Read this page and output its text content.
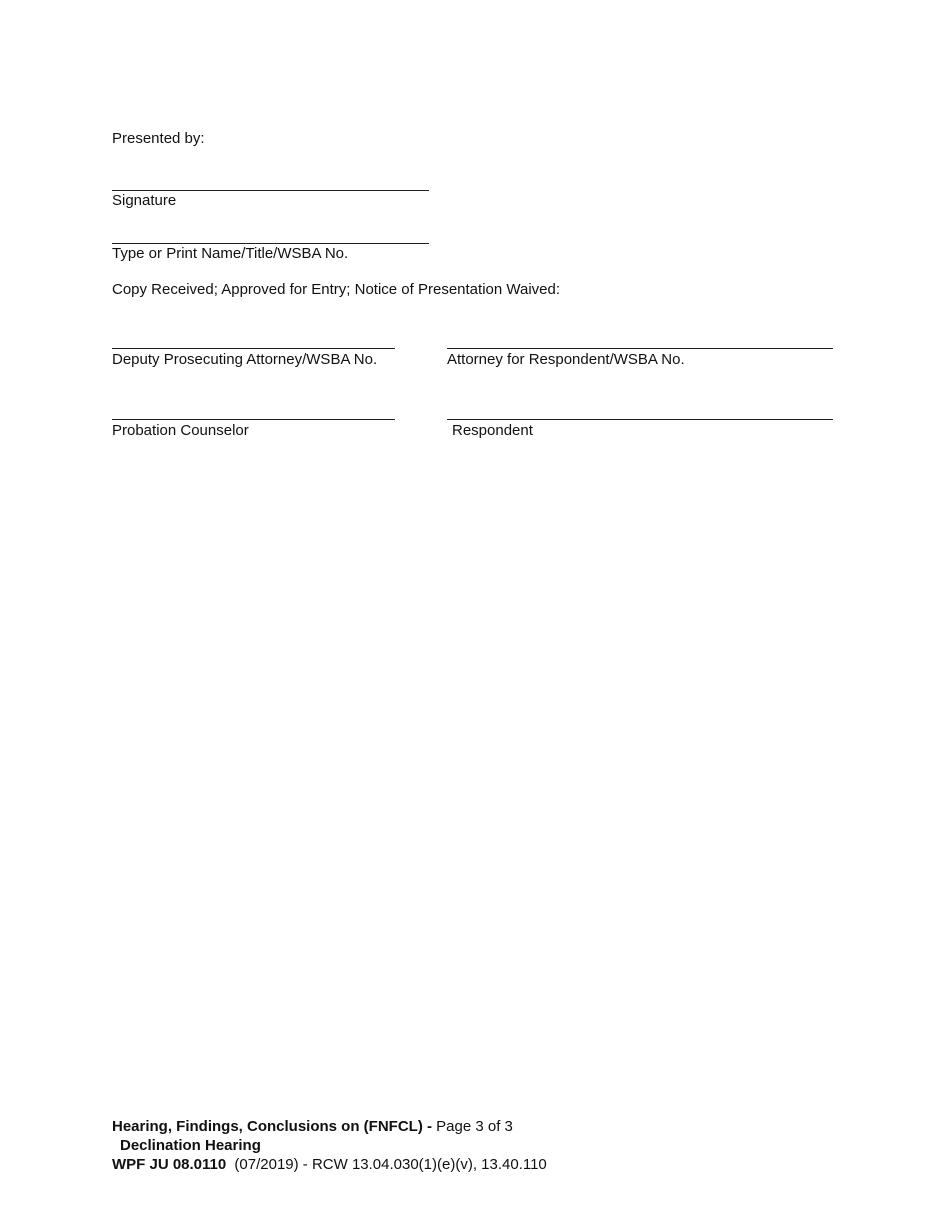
Presented by:
Signature
Type or Print Name/Title/WSBA No.
Copy Received; Approved for Entry; Notice of Presentation Waived:
Deputy Prosecuting Attorney/WSBA No.	Attorney for Respondent/WSBA No.
Probation Counselor	Respondent
Hearing, Findings, Conclusions on (FNFCL) - Page 3 of 3
Declination Hearing
WPF JU 08.0110 (07/2019) - RCW 13.04.030(1)(e)(v), 13.40.110
